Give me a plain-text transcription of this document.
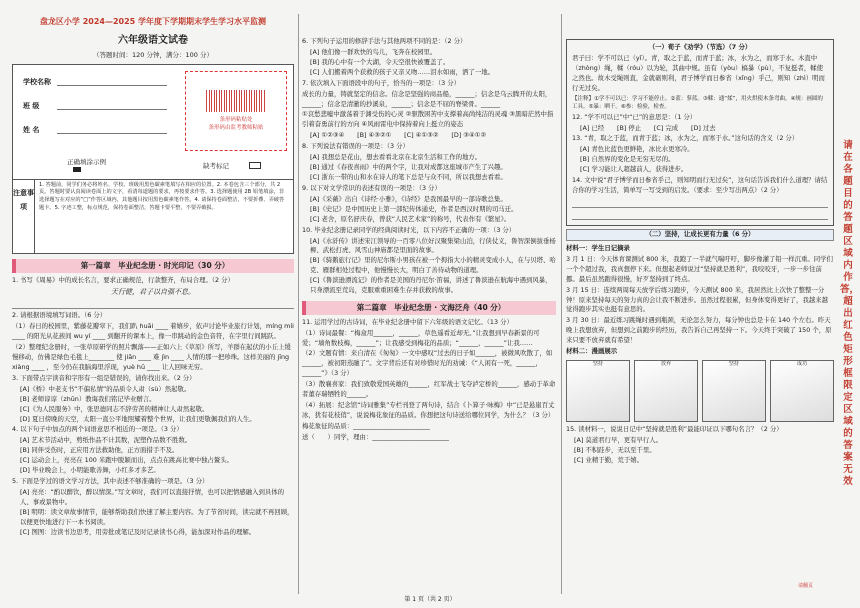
盘龙区小学 2024—2025 学年度下学期期末学生学习水平监测
六年级语文试卷
（答题时间：120 分钟，满分：100 分）
学校名称
班 级
姓 名
条形码粘贴处
条形码由监考教师粘贴
正确填涂示例	缺考标记
注意事项
1. 答题前，同学们务必将姓名、学校、班级用黑色碳素笔填写在相应的位置。2. 本卷包含三个部分，共 2 页。答题时要认真阅读卷面上的文字，看清每道题的要求，再按要求作答。3. 选择题使用 2B 铅笔填涂，非选择题写在对应的“□”作答区域内，其他题目按用黑色碳素笔作答。4. 请保持卷面整洁，不要折叠、弄破答题卡。5. 字迹工整，标点规范，保持卷面整洁，答题卡要平整，不要弄破损。
第一篇章　毕业纪念册 · 时光印记（30 分）
1. 书写《周易》中的成长名言，要求正确规范，行款整齐，布局合理。（2 分）
天行健，君子以自强不息。
2. 请根据语境填写词语。（6 分）
（1）春日的校园里，紫藤花瓣窣下，我们趴 huāi ____ 着嬉步，依声讨论毕业旅行计划，míng míi ____ 的阳光从花蔟间 wu yí ____ 到翻开的课本上，像一串跳动的金色音符，在字里行间跳跃。
（2）整理纪念册时，一张草原研学的照片飘落——正如六上《草原》所写，羊群在起伏的小丘上缓慢移动，仿佛是绿色毛毯上________ 使 jiān ____ 难 jìn ____ 人情的那一把珍珠。这样美丽的 jīng xiàng ____ ，至今仍在我脑海里浮现，yuè hū ____ 让人回味无穷。
3. 下面带点字读音和字形有一组是错误的，请你找出来。（2 分）
[A]《桥》中老支书“不偏私情”的品质令人肃（sù）然起敬。
[B] 老师谆谆（zhūn）教诲我们铭记毕业赠言。
[C]《为人民服务》中，张思德同志不辞劳苦的精神让人肃然起敬。
[D] 夏日傍晚的天空，太阳一直公平地照耀着整个世界，让我们更敬佩我们的人生。
4. 以下句子中加点的两个词语意思不相近的一项是。（3 分）
[A] 艺术节活动中，剪纸作品不计其数，泥塑作品数不胜数。
[B] 同伴受伤时，正应用方法救助他，正方面措手不及。
[C] 运动会上，亮亮在 100 米跑中脱颖而出，点点在跳高比赛中独占鳌头。
[D] 毕业晚会上，小明能歌善舞，小红多才多艺。
5. 下面是学过的语文学习方法，其中表述不够准确的一项是。（3 分）
[A] 亮亮：“酌以醉饮，醉以情深。”写文章时，我们可以直接抒情，也可以把情感融入到具体的人、事或景物中。
[B] 明明：读文章故事情节，能够帮助我们快速了解主要内容。为了节省时间，读完就不再回顾，以便更快地进行下一本书阅读。
[C] 图图：边读书边思考，用旁批或笔记及时记录读书心得，能加深对作品的理解。
6. 下列句子运用的修辞手法与其他两项不同的是：（2 分）
[A] 他们像一群欢快的鸟儿，飞奔在校园里。
[B] 我的心中有一个大湖，令天空很快被覆盖了。
[C] 人们搬着两个获救的孩子又亲又吻……泪水如雨，洒了一地。
7. 依次填入下面语段中的句子，恰当的一项是：（3 分）
成长的力量，铸就坚定的信念。信念是坚强的商品船，______；信念是乌云腾开的太阳，______；信念是清澈的抄溪泉，______；信念是不屈的脊梁骨。______
①哀愁悲嘘中激荡着于渊受伤的心灵 ②驱散困苦中支撑着高尚纯洁的灵魂 ③黑暗茫然中指引着奋勇前行的方向 ④风雨雷电中保持着向上挺立的姿态
[A] ①②③④　　[B] ④③②①　　[C] ④①③②　　[D] ③④①②
8. 下列说法有错误的一项是：（3 分）
[A] 我想总是花山，想去看看北京在北京生活和工作的地方。
[B] 通过《春夜喜雨》中的两个字，让我对成都这座城市产生了兴趣。
[C] 浙东一带的山和水在诗人的笔下总是与众不同，所以我想去看看。
9. 以下对文学常识的表述有误的一项是：（3 分）
[A]《采薇》出自《诗经·小雅》，《诗经》是我国最早的一部诗歌总集。
[B]《史记》是中国历史上第一部纪传体通史，作者是西汉时期的司马迁。
[C] 老舍，原名舒庆春，曾获“人民艺术家”的称号，代表作有《繁星》。
10. 毕业纪念册记录同学的经典阅读时光，以下内容不正确的一项：（3 分）
[A]《水浒传》讲述宋江领导的一百零八位好汉聚集梁山泊，行侠仗义，鲁智深倒拔垂杨柳、武松打虎、风雪山神庙都是里面的故事。
[B]《骑鹅旅行记》里的尼尔斯小男孩在被一个拇指大小的精灵变成小人，在与贝塔、哈克、雁群相处过程中，他慢慢长大，明白了善待动物的道理。
[C]《鲁滨逊漂流记》的作者是美国的丹尼尔·笛福，讲述了鲁滨逊在航海中遇到风暴，只身漂流至荒岛，克服重重困难生存并获救的故事。
第二篇章　毕业纪念册 · 文海泛舟（40 分）
11. 运用学过的古诗词，在毕业纪念册中留下六年级的语文记忆。（13 分）
（1）诗词最餐：“梅盒用______，______，草色遥看近却无。”让我想到早春新景的可爱；“墙角数枝梅，______”；让我感受到梅花的品质；“______，______”让我……
（2）文题有情：来自清在《匆匆》一文中感叹“过去的日子如______，被微风吹散了，如______，被初阳蒸融了”。文字背后还有对珍惜时光的劝诫：《“人闲有一死，______，______”》（3 分）
（3）散襄喜家：我们致敬爱国英雄的______，红军战士飞夺泸定桥的______，感动于革命者董存瑞牺牲的______。
（4）拓展：纪念馆“诗词雅集”专栏刊登了两句诗，结合《卜算子·咏梅》中“已是悬崖百丈冰，犹有花枝俏”，说说梅花象征的品质。你想把这句诗送给哪位同学，为什么？（3 分）
梅花象征的品质：________________________
送（　　）同学，理由：________________________
（一）荀子《劝学》（节选）（7 分）
君子曰：学不可以已（yǐ）。青，取之于蓝，而青于蓝；冰，水为之，而寒于水。木直中（zhòng）绳，輮（róu）以为轮，其曲中规。虽有（yòu）槁暴（pù），不复挺者，輮使之然也。故木受绳则直，金就砺则利，君子博学而日参省（xǐng）乎己，则知（zhì）明而行无过矣。
【注释】①学不可以已：学习不能停止。②蓝：蓼蓝。③輮：通“煣”，用火烘使木条弯曲。④规：画圆的工具。⑤暴：晒干。⑥参：检验，检查。
12. “学不可以已”中“已”的意思是：（1 分）
[A] 已经　　[B] 停止　　[C] 完成　　[D] 过去
13. “青，取之于蓝，而青于蓝；冰，水为之，而寒于水。”这句话的含义（2 分）
[A] 青色比蓝色更鲜艳，冰比水更寒冷。
[B] 自然界的变化是无穷无尽的。
[C] 学习能让人超越前人，获得进步。
14. 文中说“君子博学而日参省乎己，则知明而行无过矣”，这句话告诉我们什么道理？请结合你的学习生活，简单写一写受到的启发。（要求：至少写出两点）（2 分）
（二）坚持，让成长更有力量（6 分）
材料一：学生日记摘录
3 月 1 日：今天体育课测试 800 米，我跑了一半就气喘吁吁，脚步像灌了铅一样沉重。同学们一个个超过我，我真想停下来。但想起老师说过“坚持就是胜利”，我咬咬牙，一步一步往前挪。最后虽然跑得很慢，好歹坚持到了终点。
3 月 15 日：连续两周每天放学后练习跑步，今天测试 800 米，我居然比上次快了整整一分钟！原来坚持每天的努力真的会让我不断进步。虽然过程很累，但身体变得更好了，我越来越觉得跑步其实也挺有意思的。
3 月 30 日：最近练习跳绳时遇到瓶颈，无论怎么努力，每分钟也总是卡在 140 个左右。昨天晚上我想放弃，但想到之前跑步的经历，我告诉自己再坚持一下。今天终于突破了 150 个，原来只要不放弃就有希望！
材料二：漫画展示
坚持	放弃	坚持	成功
15. 读材料一，说说日记中“坚持就是胜利”最能印证以下哪句名言？（2 分）
[A] 莫道君行早，更有早行人。
[B] 不积跬步，无以至千里。
[C] 业精于勤，荒于嬉。
请翻页
请在各题目的答题区域内作答，超出红色矩形框限定区域的答案无效
第 1 页（共 2 页）
